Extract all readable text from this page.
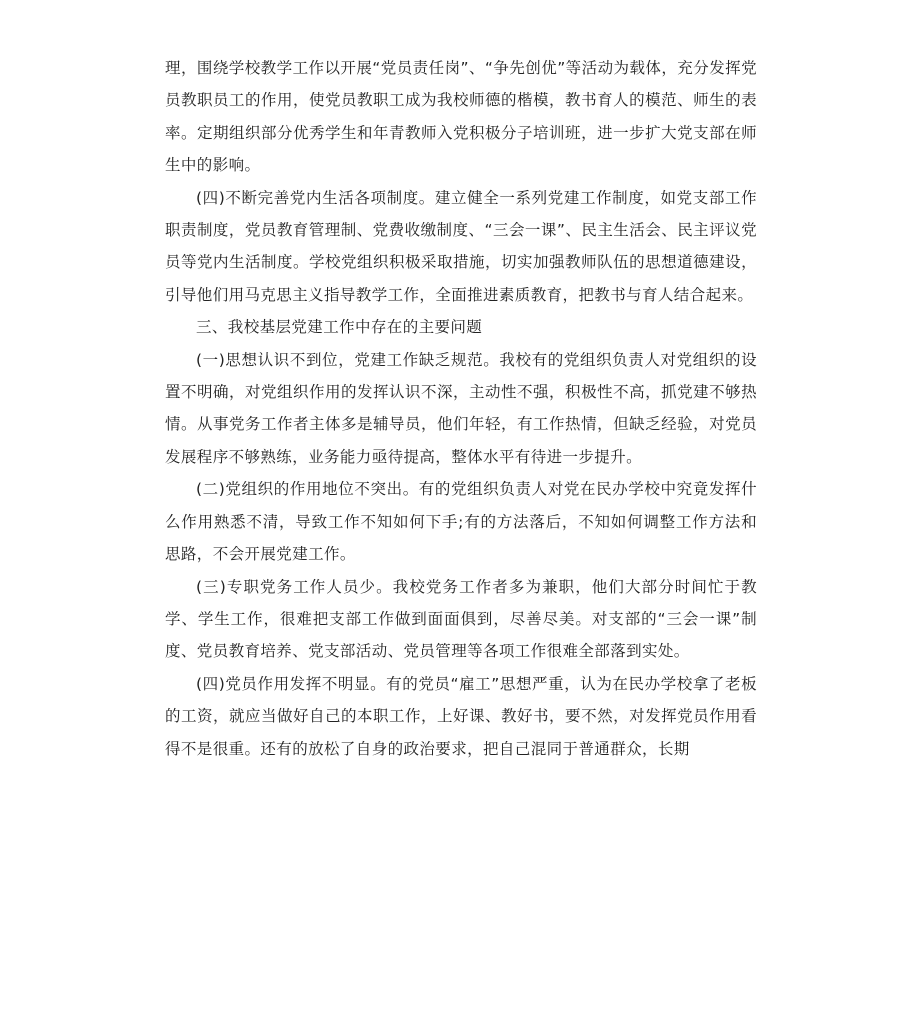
理，围绕学校教学工作以开展“党员责任岗”、“争先创优”等活动为载体，充分发挥党员教职员工的作用，使党员教职工成为我校师德的楷模，教书育人的模范、师生的表率。定期组织部分优秀学生和年青教师入党积极分子培训班，进一步扩大党支部在师生中的影响。

(四)不断完善党内生活各项制度。建立健全一系列党建工作制度，如党支部工作职责制度，党员教育管理制、党费收缴制度、“三会一课”、民主生活会、民主评议党员等党内生活制度。学校党组织积极采取措施，切实加强教师队伍的思想道德建设，引导他们用马克思主义指导教学工作，全面推进素质教育，把教书与育人结合起来。

三、我校基层党建工作中存在的主要问题

(一)思想认识不到位，党建工作缺乏规范。我校有的党组织负责人对党组织的设置不明确，对党组织作用的发挥认识不深，主动性不强，积极性不高，抓党建不够热情。从事党务工作者主体多是辅导员，他们年轻，有工作热情，但缺乏经验，对党员发展程序不够熟练，业务能力亟待提高，整体水平有待进一步提升。

(二)党组织的作用地位不突出。有的党组织负责人对党在民办学校中究竟发挥什么作用熟悉不清，导致工作不知如何下手;有的方法落后，不知如何调整工作方法和思路，不会开展党建工作。

(三)专职党务工作人员少。我校党务工作者多为兼职，他们大部分时间忙于教学、学生工作，很难把支部工作做到面面俱到，尽善尽美。对支部的“三会一课”制度、党员教育培养、党支部活动、党员管理等各项工作很难全部落到实处。

(四)党员作用发挥不明显。有的党员“雇工”思想严重，认为在民办学校拿了老板的工资，就应当做好自己的本职工作，上好课、教好书，要不然，对发挥党员作用看得不是很重。还有的放松了自身的政治要求，把自己混同于普通群众，长期
